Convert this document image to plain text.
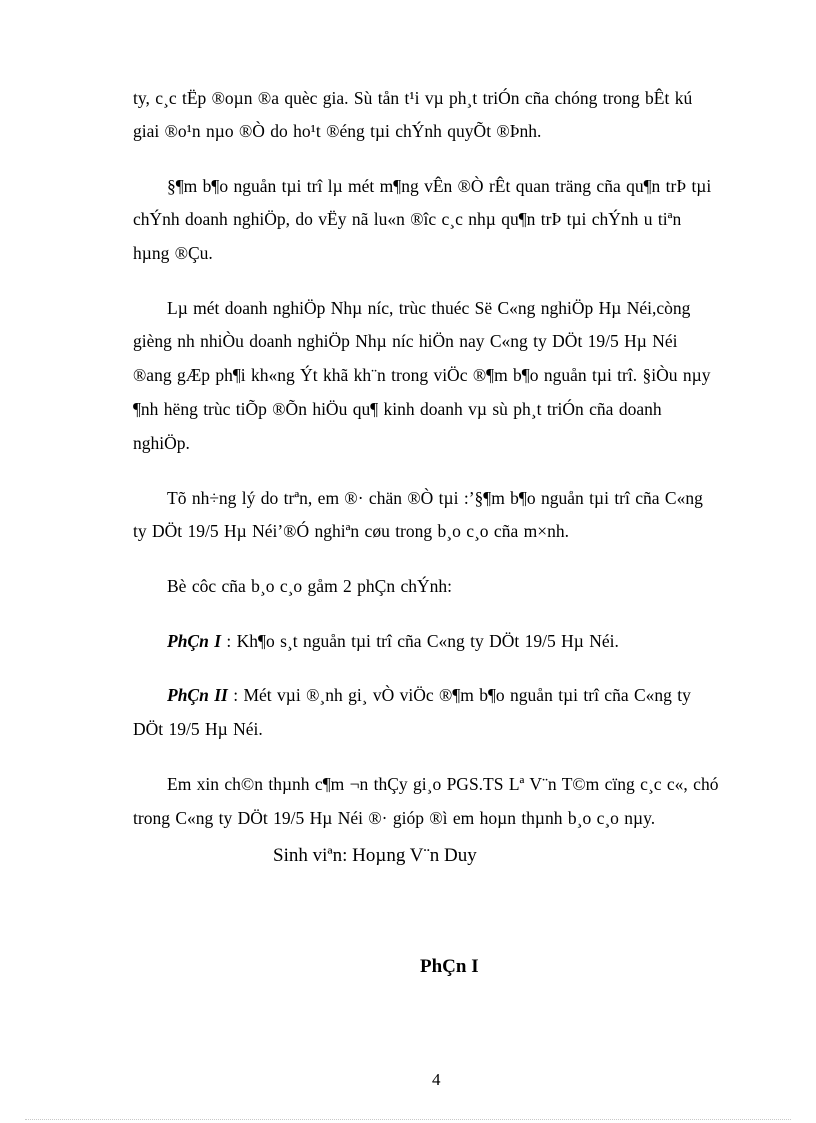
ty, c¸c tËp ®oµn ®a quèc gia. Sù tån t¹i vµ ph¸t triÓn cña chóng trong bÊt kú
giai ®o¹n nµo ®Ò do ho¹t ®éng tµi chÝnh quyÕt ®Þnh.
§¶m b¶o nguån tµi trî lµ mét m¶ng vÊn ®Ò rÊt quan träng cña qu¶n trÞ tµi
chÝnh doanh nghiÖp, do vËy nã lu«n ®îc c¸c nhµ qu¶n trÞ tµi chÝnh u tiªn
hµng ®Çu.
Lµ mét doanh nghiÖp Nhµ níc, trùc thuéc Së C«ng nghiÖp Hµ Néi,còng
gièng nh nhiÒu doanh nghiÖp Nhµ níc hiÖn nay C«ng ty DÖt 19/5 Hµ Néi
®ang gÆp ph¶i kh«ng Ýt khã kh¨n trong viÖc ®¶m b¶o nguån tµi trî. §iÒu nµy
¶nh hëng trùc tiÕp ®Õn hiÖu qu¶ kinh doanh vµ sù ph¸t triÓn cña doanh
nghiÖp.
Tõ nh÷ng lý do trªn, em ®· chän ®Ò tµi :’§¶m b¶o nguån tµi trî cña C«ng
ty DÖt 19/5 Hµ Néi’®Ó nghiªn cøu trong b¸o c¸o cña m×nh.
Bè côc cña b¸o c¸o gåm 2 phÇn chÝnh:
PhÇn I : Kh¶o s¸t nguån tµi trî cña C«ng ty DÖt 19/5 Hµ Néi.
PhÇn II : Mét vµi ®¸nh gi¸ vÒ viÖc ®¶m b¶o nguån tµi trî cña C«ng ty
DÖt 19/5 Hµ Néi.
Em xin ch©n thµnh c¶m ¬n thÇy gi¸o PGS.TS Lª V¨n T©m cïng c¸c c«, chó
trong C«ng ty DÖt 19/5 Hµ Néi ®· gióp ®ì em hoµn thµnh b¸o c¸o nµy.
Sinh viªn: Hoµng V¨n Duy
PhÇn I
4
